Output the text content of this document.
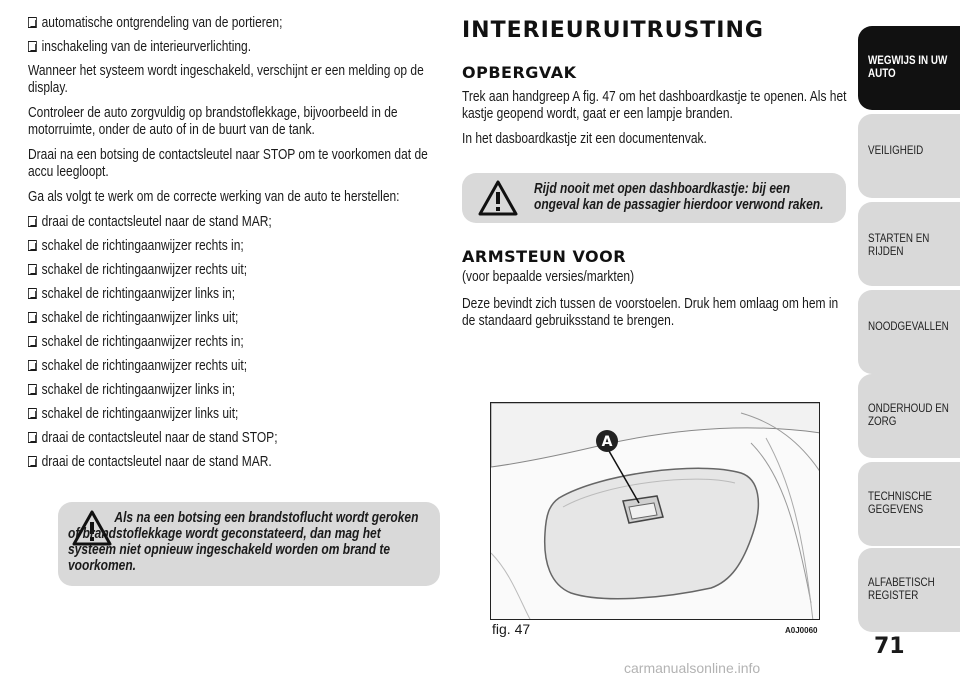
automatische ontgrendeling van de portieren;
inschakeling van de interieurverlichting.

Wanneer het systeem wordt ingeschakeld, verschijnt er een melding op de display.

Controleer de auto zorgvuldig op brandstoflekkage, bijvoorbeeld in de motorruimte, onder de auto of in de buurt van de tank.

Draai na een botsing de contactsleutel naar STOP om te voorkomen dat de accu leegloopt.

Ga als volgt te werk om de correcte werking van de auto te herstellen:

draai de contactsleutel naar de stand MAR;
schakel de richtingaanwijzer rechts in;
schakel de richtingaanwijzer rechts uit;
schakel de richtingaanwijzer links in;
schakel de richtingaanwijzer links uit;
schakel de richtingaanwijzer rechts in;
schakel de richtingaanwijzer rechts uit;
schakel de richtingaanwijzer links in;
schakel de richtingaanwijzer links uit;
draai de contactsleutel naar de stand STOP;
draai de contactsleutel naar de stand MAR.
Als na een botsing een brandstoflucht wordt geroken of brandstoflekkage wordt geconstateerd, dan mag het systeem niet opnieuw ingeschakeld worden om brand te voorkomen.
INTERIEURUITRUSTING
OPBERGVAK

Trek aan handgreep A fig. 47 om het dashboardkastje te openen. Als het kastje geopend wordt, gaat er een lampje branden.

In het dasboardkastje zit een documentenvak.

Rijd nooit met open dashboardkastje: bij een ongeval kan de passagier hierdoor verwond raken.
ARMSTEUN VOOR

(voor bepaalde versies/markten)

Deze bevindt zich tussen de voorstoelen. Druk hem omlaag om hem in de standaard gebruiksstand te brengen.

A
fig. 47	A0J0060
WEGWIJS IN UW AUTO
VEILIGHEID
STARTEN EN RIJDEN
NOODGEVALLEN
ONDERHOUD EN ZORG
TECHNISCHE GEGEVENS
ALFABETISCH REGISTER
71
carmanualsonline.info
